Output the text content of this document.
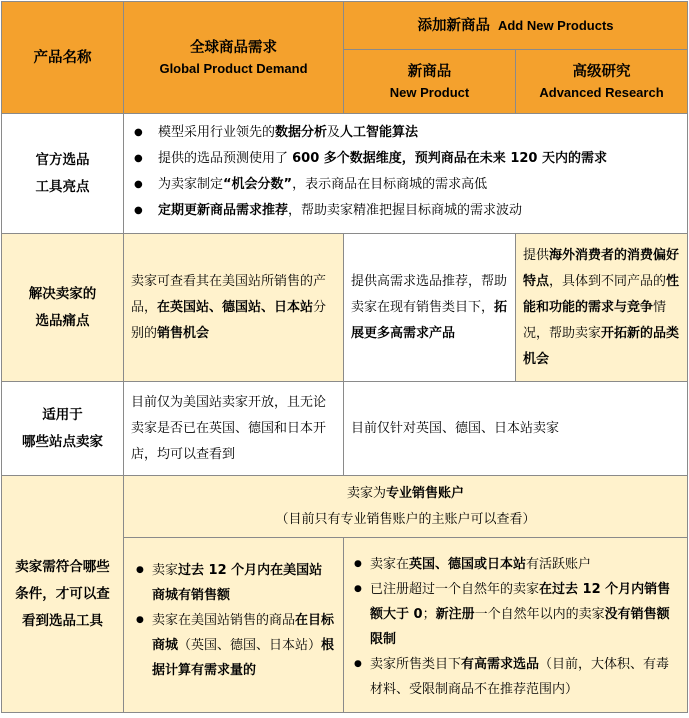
产品名称
全球商品需求
Global Product Demand
添加新商品 Add New Products
新商品
New Product
高级研究
Advanced Research
官方选品
工具亮点
● 模型采用行业领先的数据分析及人工智能算法
● 提供的选品预测使用了 600 多个数据维度，预判商品在未来 120 天内的需求
● 为卖家制定“机会分数”，表示商品在目标商城的需求高低
● 定期更新商品需求推荐，帮助卖家精准把握目标商城的需求波动
解决卖家的
选品痛点
卖家可查看其在美国站所销售的产品，在英国站、德国站、日本站分别的销售机会
提供高需求选品推荐，帮助卖家在现有销售类目下，拓展更多高需求产品
提供海外消费者的消费偏好特点，具体到不同产品的性能和功能的需求与竞争情况，帮助卖家开拓新的品类机会
适用于
哪些站点卖家
目前仅为美国站卖家开放，且无论卖家是否已在英国、德国和日本开店，均可以查看到
目前仅针对英国、德国、日本站卖家
卖家需符合哪些条件，才可以查看到选品工具
卖家为专业销售账户
（目前只有专业销售账户的主账户可以查看）
● 卖家过去 12 个月内在美国站商城有销售额
● 卖家在美国站销售的商品在目标商城（英国、德国、日本站）根据计算有需求量的
● 卖家在英国、德国或日本站有活跃账户
● 已注册超过一个自然年的卖家在过去 12 个月内销售额大于 0；新注册一个自然年以内的卖家没有销售额限制
● 卖家所售类目下有高需求选品（目前，大体积、有毒材料、受限制商品不在推荐范围内）
